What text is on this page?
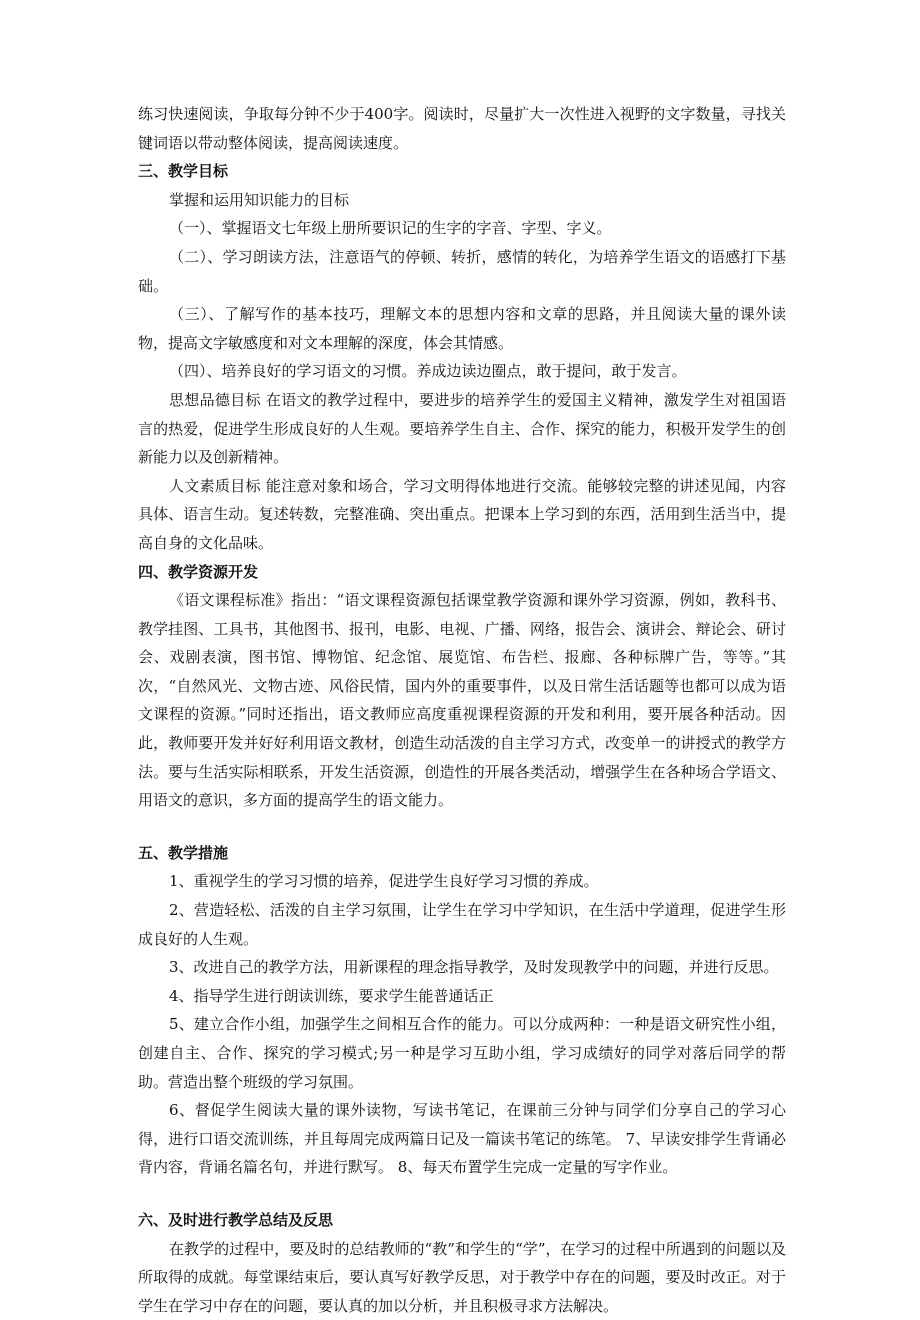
练习快速阅读，争取每分钟不少于400字。阅读时，尽量扩大一次性进入视野的文字数量，寻找关键词语以带动整体阅读，提高阅读速度。

三、教学目标

掌握和运用知识能力的目标

（一）、掌握语文七年级上册所要识记的生字的字音、字型、字义。

（二）、学习朗读方法，注意语气的停顿、转折，感情的转化，为培养学生语文的语感打下基础。

（三）、了解写作的基本技巧，理解文本的思想内容和文章的思路，并且阅读大量的课外读物，提高文字敏感度和对文本理解的深度，体会其情感。

（四）、培养良好的学习语文的习惯。养成边读边圈点，敢于提问，敢于发言。

思想品德目标 在语文的教学过程中，要进步的培养学生的爱国主义精神，激发学生对祖国语言的热爱，促进学生形成良好的人生观。要培养学生自主、合作、探究的能力，积极开发学生的创新能力以及创新精神。

人文素质目标 能注意对象和场合，学习文明得体地进行交流。能够较完整的讲述见闻，内容具体、语言生动。复述转数，完整准确、突出重点。把课本上学习到的东西，活用到生活当中，提高自身的文化品味。

四、教学资源开发

《语文课程标准》指出：“语文课程资源包括课堂教学资源和课外学习资源，例如，教科书、教学挂图、工具书，其他图书、报刊，电影、电视、广播、网络，报告会、演讲会、辩论会、研讨会、戏剧表演，图书馆、博物馆、纪念馆、展览馆、布告栏、报廊、各种标牌广告，等等。”其次，“自然风光、文物古迹、风俗民情，国内外的重要事件，以及日常生活话题等也都可以成为语文课程的资源。”同时还指出，语文教师应高度重视课程资源的开发和利用，要开展各种活动。因此，教师要开发并好好利用语文教材，创造生动活泼的自主学习方式，改变单一的讲授式的教学方法。要与生活实际相联系，开发生活资源，创造性的开展各类活动，增强学生在各种场合学语文、用语文的意识，多方面的提高学生的语文能力。

五、教学措施

1、重视学生的学习习惯的培养，促进学生良好学习习惯的养成。

2、营造轻松、活泼的自主学习氛围，让学生在学习中学知识，在生活中学道理，促进学生形成良好的人生观。

3、改进自己的教学方法，用新课程的理念指导教学，及时发现教学中的问题，并进行反思。

4、指导学生进行朗读训练，要求学生能普通话正

5、建立合作小组，加强学生之间相互合作的能力。可以分成两种：一种是语文研究性小组，创建自主、合作、探究的学习模式;另一种是学习互助小组，学习成绩好的同学对落后同学的帮助。营造出整个班级的学习氛围。

6、督促学生阅读大量的课外读物，写读书笔记，在课前三分钟与同学们分享自己的学习心得，进行口语交流训练，并且每周完成两篇日记及一篇读书笔记的练笔。 7、早读安排学生背诵必背内容，背诵名篇名句，并进行默写。 8、每天布置学生完成一定量的写字作业。

六、及时进行教学总结及反思

在教学的过程中，要及时的总结教师的“教”和学生的“学”，在学习的过程中所遇到的问题以及所取得的成就。每堂课结束后，要认真写好教学反思，对于教学中存在的问题，要及时改正。对于学生在学习中存在的问题，要认真的加以分析，并且积极寻求方法解决。
